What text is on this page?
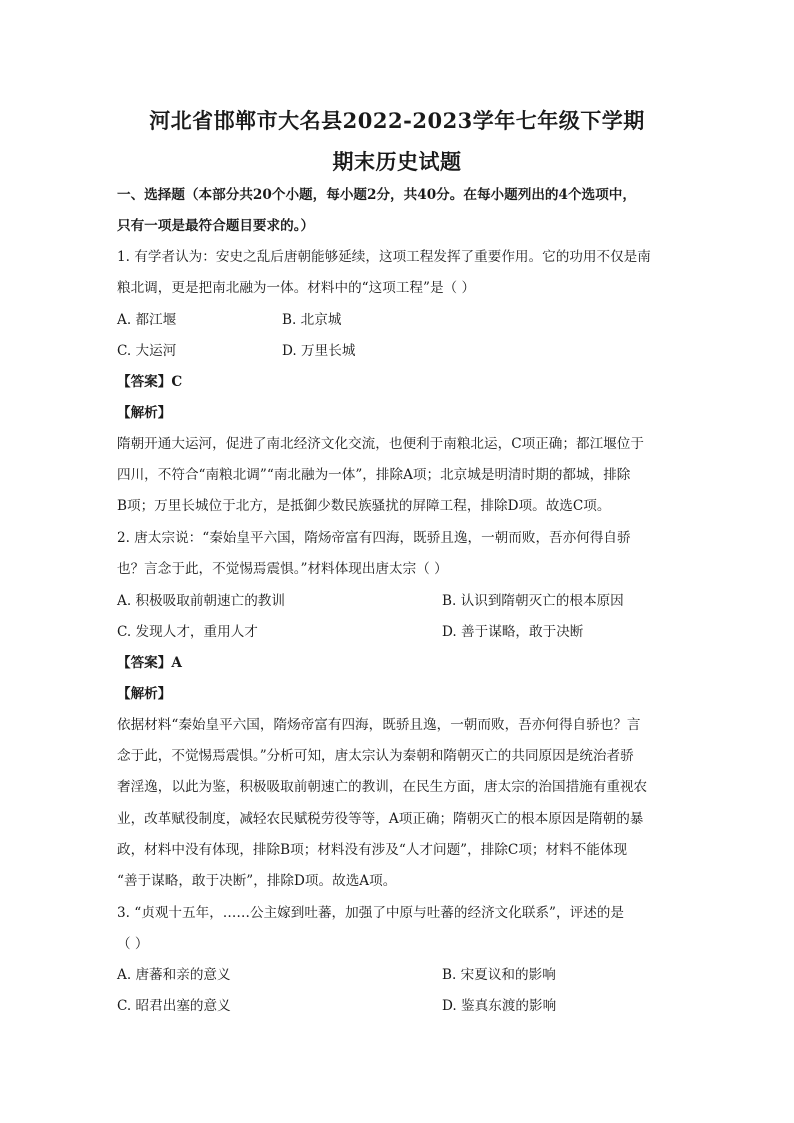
河北省邯郸市大名县2022-2023学年七年级下学期
期末历史试题
一、选择题（本部分共20个小题，每小题2分，共40分。在每小题列出的4个选项中，
只有一项是最符合题目要求的。）
1. 有学者认为：安史之乱后唐朝能够延续，这项工程发挥了重要作用。它的功用不仅是南
粮北调，更是把南北融为一体。材料中的“这项工程”是（ ）
A. 都江堰	B. 北京城
C. 大运河	D. 万里长城
【答案】C
【解析】
隋朝开通大运河，促进了南北经济文化交流，也便利于南粮北运，C项正确；都江堰位于
四川，不符合“南粮北调”“南北融为一体”，排除A项；北京城是明清时期的都城，排除
B项；万里长城位于北方，是抵御少数民族骚扰的屏障工程，排除D项。故选C项。
2. 唐太宗说：“秦始皇平六国，隋炀帝富有四海，既骄且逸，一朝而败，吾亦何得自骄
也？言念于此，不觉惕焉震惧。”材料体现出唐太宗（ ）
A. 积极吸取前朝速亡的教训	B. 认识到隋朝灭亡的根本原因
C. 发现人才，重用人才	D. 善于谋略，敢于决断
【答案】A
【解析】
依据材料“秦始皇平六国，隋炀帝富有四海，既骄且逸，一朝而败，吾亦何得自骄也？言
念于此，不觉惕焉震惧。”分析可知，唐太宗认为秦朝和隋朝灭亡的共同原因是统治者骄
奢淫逸，以此为鉴，积极吸取前朝速亡的教训，在民生方面，唐太宗的治国措施有重视农
业，改革赋役制度，减轻农民赋税劳役等等，A项正确；隋朝灭亡的根本原因是隋朝的暴
政，材料中没有体现，排除B项；材料没有涉及“人才问题”，排除C项；材料不能体现
“善于谋略，敢于决断”，排除D项。故选A项。
3. “贞观十五年，……公主嫁到吐蕃，加强了中原与吐蕃的经济文化联系”，评述的是
（ ）
A. 唐蕃和亲的意义	B. 宋夏议和的影响
C. 昭君出塞的意义	D. 鉴真东渡的影响
